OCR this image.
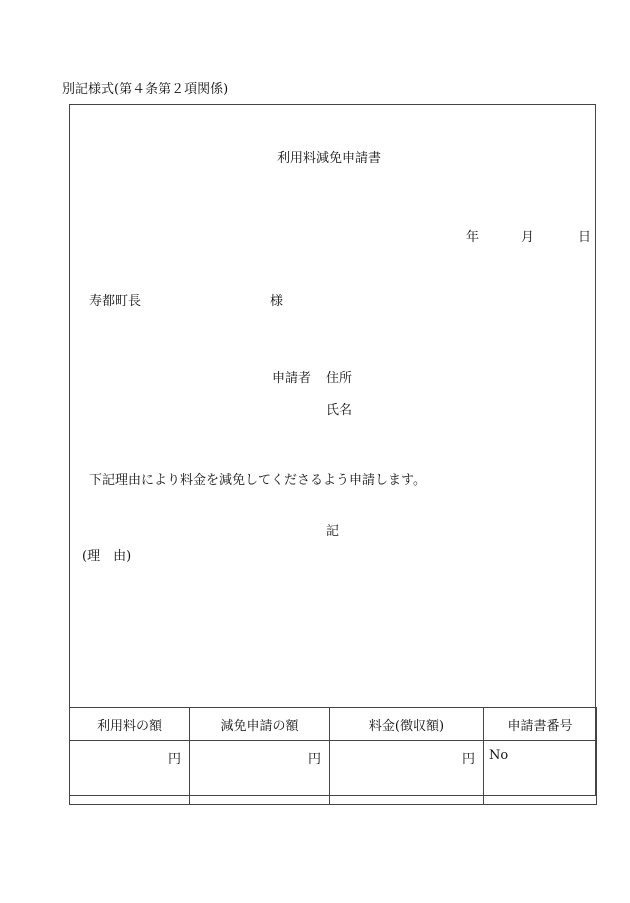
別記様式(第４条第２項関係)
利用料減免申請書
年	月	日
寿都町長	様
申請者 住所
氏名
下記理由により料金を減免してくださるよう申請します。
記
(理　由)
利用料の額	減免申請の額	料金(徴収額)	申請書番号
円	円	円	No
